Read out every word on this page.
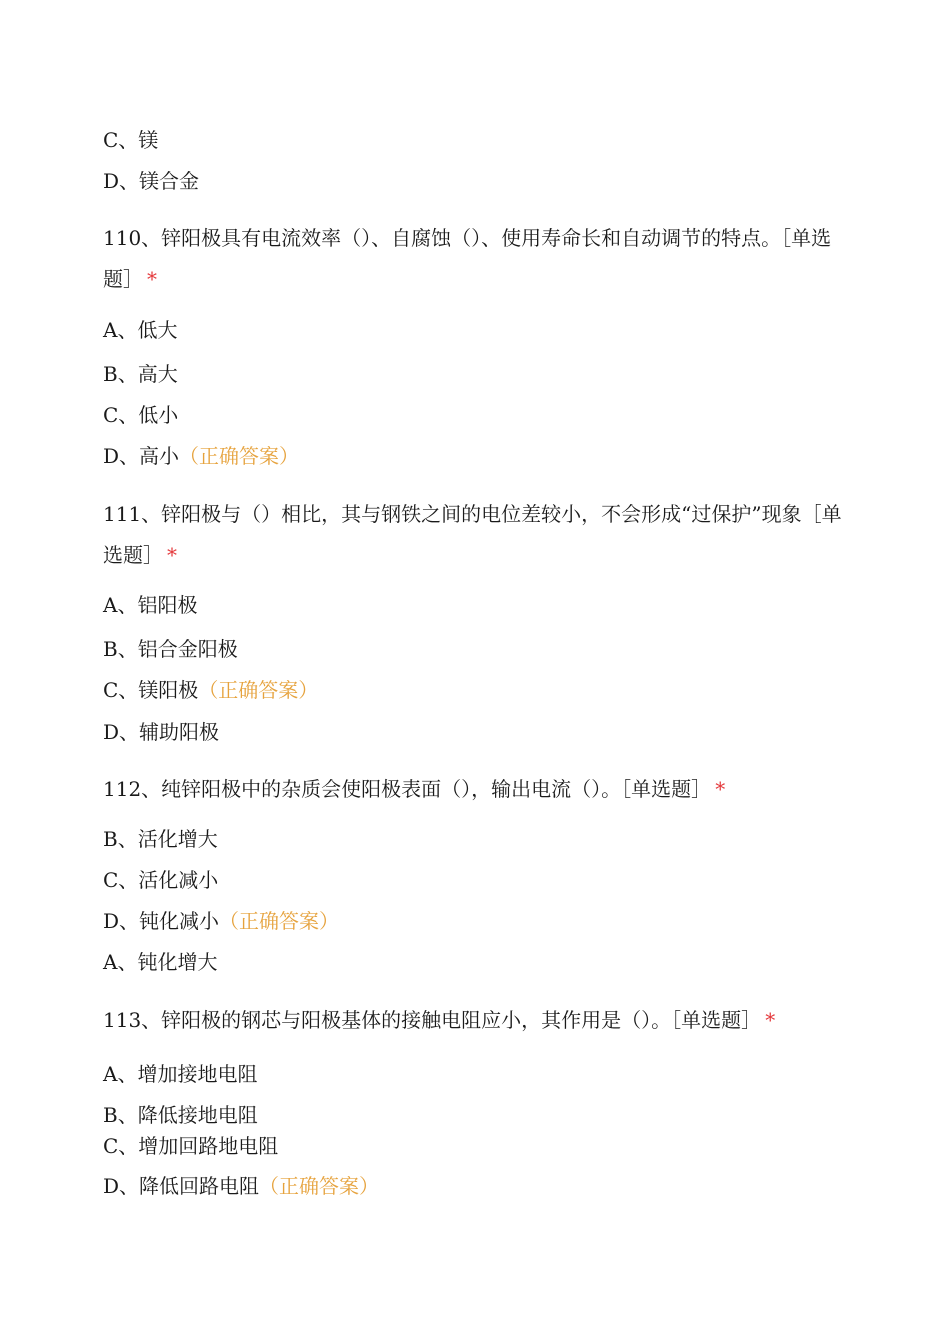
C、镁
D、镁合金
110、锌阳极具有电流效率（）、自腐蚀（）、使用寿命长和自动调节的特点。［单选题］ *
A、低大
B、高大
C、低小
D、高小（正确答案）
111、锌阳极与（）相比，其与钢铁之间的电位差较小，不会形成“过保护”现象［单选题］ *
A、铝阳极
B、铝合金阳极
C、镁阳极（正确答案）
D、辅助阳极
112、纯锌阳极中的杂质会使阳极表面（），输出电流（）。［单选题］ *
B、活化增大
C、活化减小
D、钝化减小（正确答案）
A、钝化增大
113、锌阳极的钢芯与阳极基体的接触电阻应小，其作用是（）。［单选题］ *
A、增加接地电阻
B、降低接地电阻
C、增加回路地电阻
D、降低回路电阻（正确答案）
